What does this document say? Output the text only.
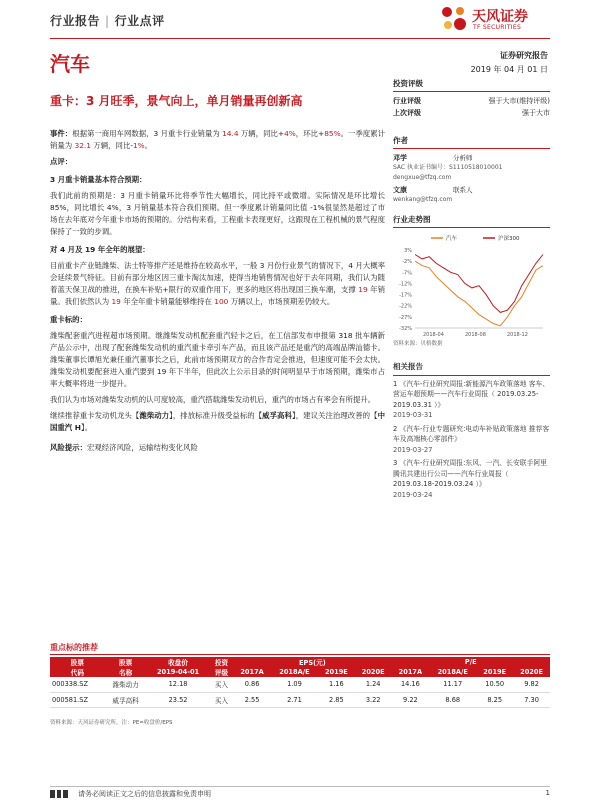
行业报告 | 行业点评	天风证券
TF SECURITIES
汽车	证券研究报告
2019 年 04 月 01 日
重卡：3 月旺季，景气向上，单月销量再创新高

事件：根据第一商用车网数据，3 月重卡行业销量为 14.4 万辆，同比+4%，环比+85%。一季度累计销量为 32.1 万辆，同比-1%。

点评：

3 月重卡销量基本符合预期：

我们此前的预期是：3 月重卡销量环比将季节性大幅增长，同比持平或微增。实际情况是环比增长 85%，同比增长 4%，3 月销量基本符合我们预期。但一季度累计销量同比值 -1%很显然是超过了市场在去年底对今年重卡市场的预期的。分结构来看，工程重卡表现更好，这跟现在工程机械的景气程度保持了一致的步调。

对 4 月及 19 年全年的展望：

目前重卡产业链潍柴、法士特等排产还是维持在较高水平，一般 3 月份行业景气的情况下，4 月大概率会延续景气特征。目前有部分地区因三重卡淘汰加速，使得当地销售情况也好于去年同期，我们认为随着蓝天保卫战的推进，在换车补贴+限行的双重作用下，更多的地区将出现国三换车潮，支撑 19 年销量。我们依然认为 19 年全年重卡销量能够维持在 100 万辆以上，市场预期差仍较大。

重卡标的：

潍柴配套重汽进程超市场预期。继潍柴发动机配套重汽轻卡之后，在工信部发布申报第 318 批车辆新产品公示中，出现了配套潍柴发动机的重汽重卡牵引车产品，而且该产品还是重汽的高端品牌汕德卡。潍柴董事长谭旭光兼任重汽董事长之后，此前市场预期双方的合作肯定会推进，但速度可能不会太快。潍柴发动机要配套进入重汽要到 19 年下半年，但此次上公示目录的时间明显早于市场预期，潍柴市占率大概率将进一步提升。

我们认为市场对潍柴发动机的认可度较高，重汽搭载潍柴发动机后，重汽的市场占有率会有所提升。

继续推荐重卡发动机龙头【潍柴动力】，排放标准升级受益标的【威孚高科】，建议关注治理改善的【中国重汽 H】。

风险提示：宏观经济风险，运输结构变化风险

投资评级
行业评级	强于大市(维持评级)
上次评级	强于大市
作者
邓学	分析师
SAC 执业证书编号：S1110518010001
dengxue@tfzq.com
文康	联系人
wenkang@tfzq.com
行业走势图
汽车	沪深300
3%
-2%
-7%
-12%
-17%
-22%
-27%
-32%
2018-04	2018-08	2018-12
资料来源：贝格数据
相关报告
1 《汽车-行业研究周报:新能源汽车政策落地 客车、营运车超预期——汽车行业周报（ 2019.03.25-2019.03.31 ）》
2019-03-31
2 《汽车-行业专题研究:电动车补贴政策落地 推荐客车及高端核心零部件》
2019-03-27
3 《汽车-行业研究周报:东风、一汽、长安联手阿里腾讯共建出行公司——汽车行业周报（ 2019.03.18-2019.03.24 ）》
2019-03-24
重点标的推荐
股票	股票	收盘价	投资	EPS(元)				P/E			
代码	名称	2019-04-01	评级	2017A	2018A/E	2019E	2020E	2017A	2018A/E	2019E	2020E
000338.SZ	潍柴动力	12.18	买入	0.86	1.09	1.16	1.24	14.16	11.17	10.50	9.82
000581.SZ	威孚高科	23.52	买入	2.55	2.71	2.85	3.22	9.22	8.68	8.25	7.30
资料来源：天风证券研究所，注：PE=收盘价/EPS
请务必阅读正文之后的信息披露和免责申明	1
